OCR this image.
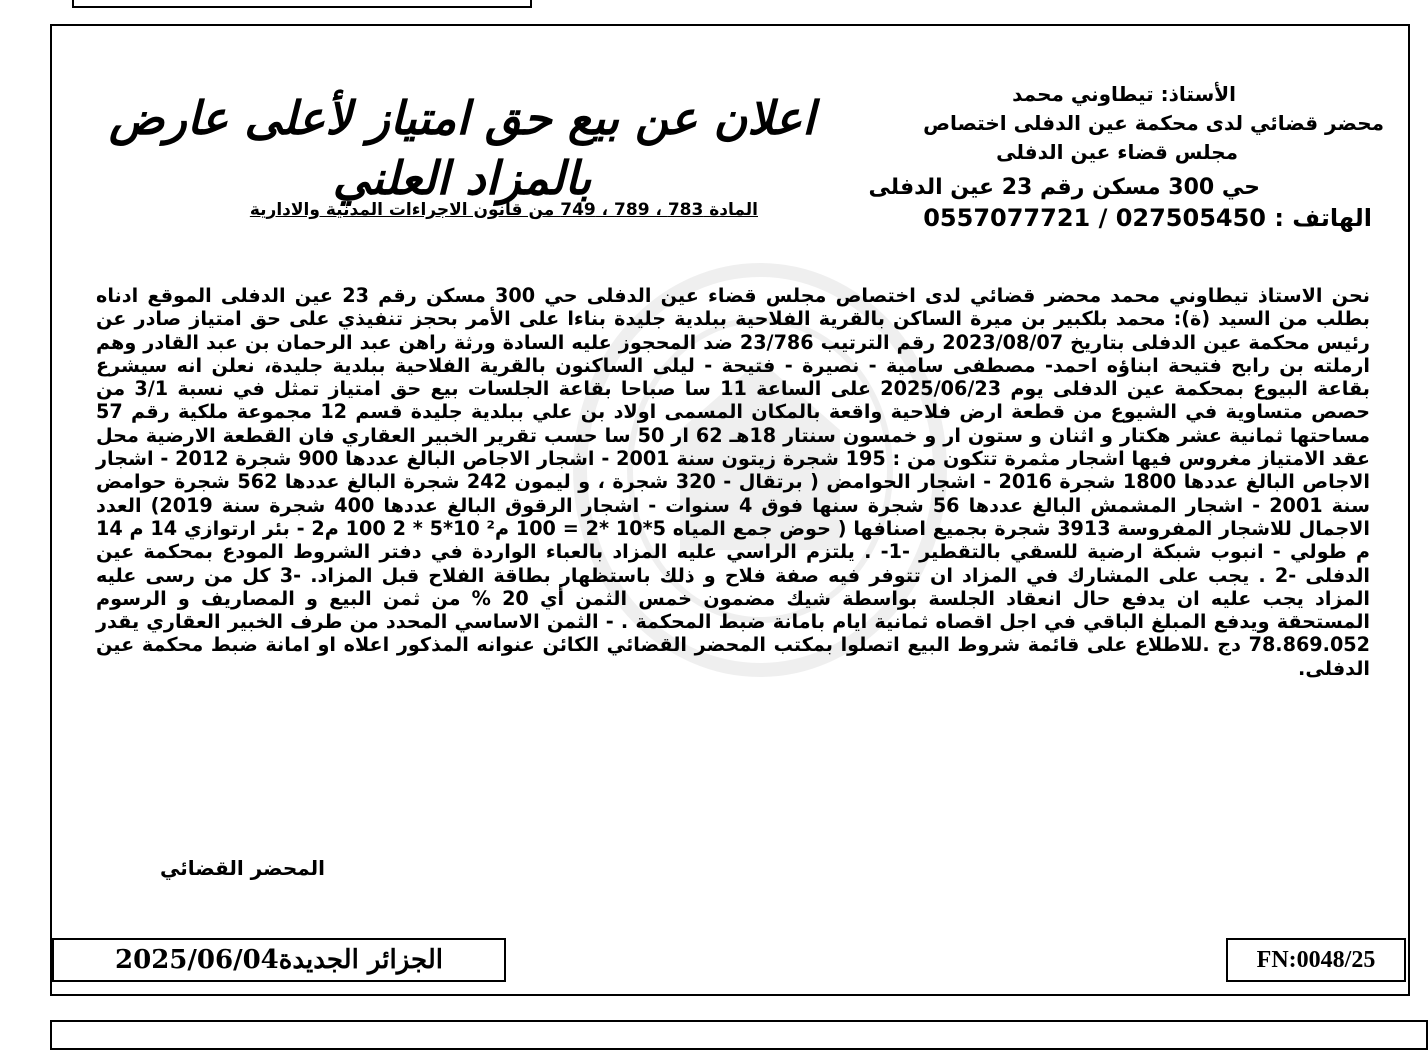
الأستاذ: تيطاوني محمد
محضر قضائي لدى محكمة عين الدفلى اختصاص
مجلس قضاء عين الدفلى
حي 300 مسكن رقم 23 عين الدفلى
الهاتف : 027505450 / 0557077721
اعلان عن بيع حق امتياز لأعلى عارض بالمزاد العلني
المادة 783 ، 789 ، 749 من قانون الاجراءات المدنية والادارية

نحن الاستاذ تيطاوني محمد محضر قضائي لدى اختصاص مجلس قضاء عين الدفلى حي 300 مسكن رقم 23 عين الدفلى الموقع ادناه بطلب من السيد (ة): محمد بلكبير بن ميرة الساكن بالقرية الفلاحية ببلدية جليدة بناءا على الأمر بحجز تنفيذي على حق امتياز صادر عن رئيس محكمة عين الدفلى بتاريخ 2023/08/07 رقم الترتيب 23/786 ضد المحجوز عليه السادة ورثة راهن عبد الرحمان بن عبد القادر وهم ارملته بن رابح فتيحة ابناؤه احمد- مصطفى سامية - نصيرة - فتيحة - ليلى الساكنون بالقرية الفلاحية ببلدية جليدة، نعلن انه سيشرع بقاعة البيوع بمحكمة عين الدفلى يوم 2025/06/23 على الساعة 11 سا صباحا بقاعة الجلسات بيع حق امتياز تمثل في نسبة 3/1 من حصص متساوية في الشيوع من قطعة ارض فلاحية واقعة بالمكان المسمى اولاد بن علي ببلدية جليدة قسم 12 مجموعة ملكية رقم 57 مساحتها ثمانية عشر هكتار و اثنان و ستون ار و خمسون سنتار 18هـ 62 ار 50 سا حسب تقرير الخبير العقاري فان القطعة الارضية محل عقد الامتياز مغروس فيها اشجار مثمرة تتكون من : 195 شجرة زيتون سنة 2001 - اشجار الاجاص البالغ عددها 900 شجرة 2012 - اشجار الاجاص البالغ عددها 1800 شجرة 2016 - اشجار الحوامض ( برتقال - 320 شجرة ، و ليمون 242 شجرة البالغ عددها 562 شجرة حوامض سنة 2001 - اشجار المشمش البالغ عددها 56 شجرة سنها فوق 4 سنوات - اشجار الرقوق البالغ عددها 400 شجرة سنة 2019) العدد الاجمال للاشجار المفروسة 3913 شجرة بجميع اصنافها ( حوض جمع المياه 5*10 *2 = 100 م² 10*5 * 2 100 م2 - بئر ارتوازي 14 م 14 م طولي - انبوب شبكة ارضية للسقي بالتقطير -1- . يلتزم الراسي عليه المزاد بالعباء الواردة في دفتر الشروط المودع بمحكمة عين الدفلى -2 . يجب على المشارك في المزاد ان تتوفر فيه صفة فلاح و ذلك باستظهار بطاقة الفلاح قبل المزاد. -3 كل من رسى عليه المزاد يجب عليه ان يدفع حال انعقاد الجلسة بواسطة شيك مضمون خمس الثمن أي 20 % من ثمن البيع و المصاريف و الرسوم المستحقة ويدفع المبلغ الباقي في اجل اقصاه ثمانية ايام بامانة ضبط المحكمة . - الثمن الاساسي المحدد من طرف الخبير العقاري يقدر 78.869.052 دج .للاطلاع على قائمة شروط البيع اتصلوا بمكتب المحضر القضائي الكائن عنوانه المذكور اعلاه او امانة ضبط محكمة عين الدفلى.

المحضر القضائي
الجزائر الجديدة2025/06/04	FN:0048/25
